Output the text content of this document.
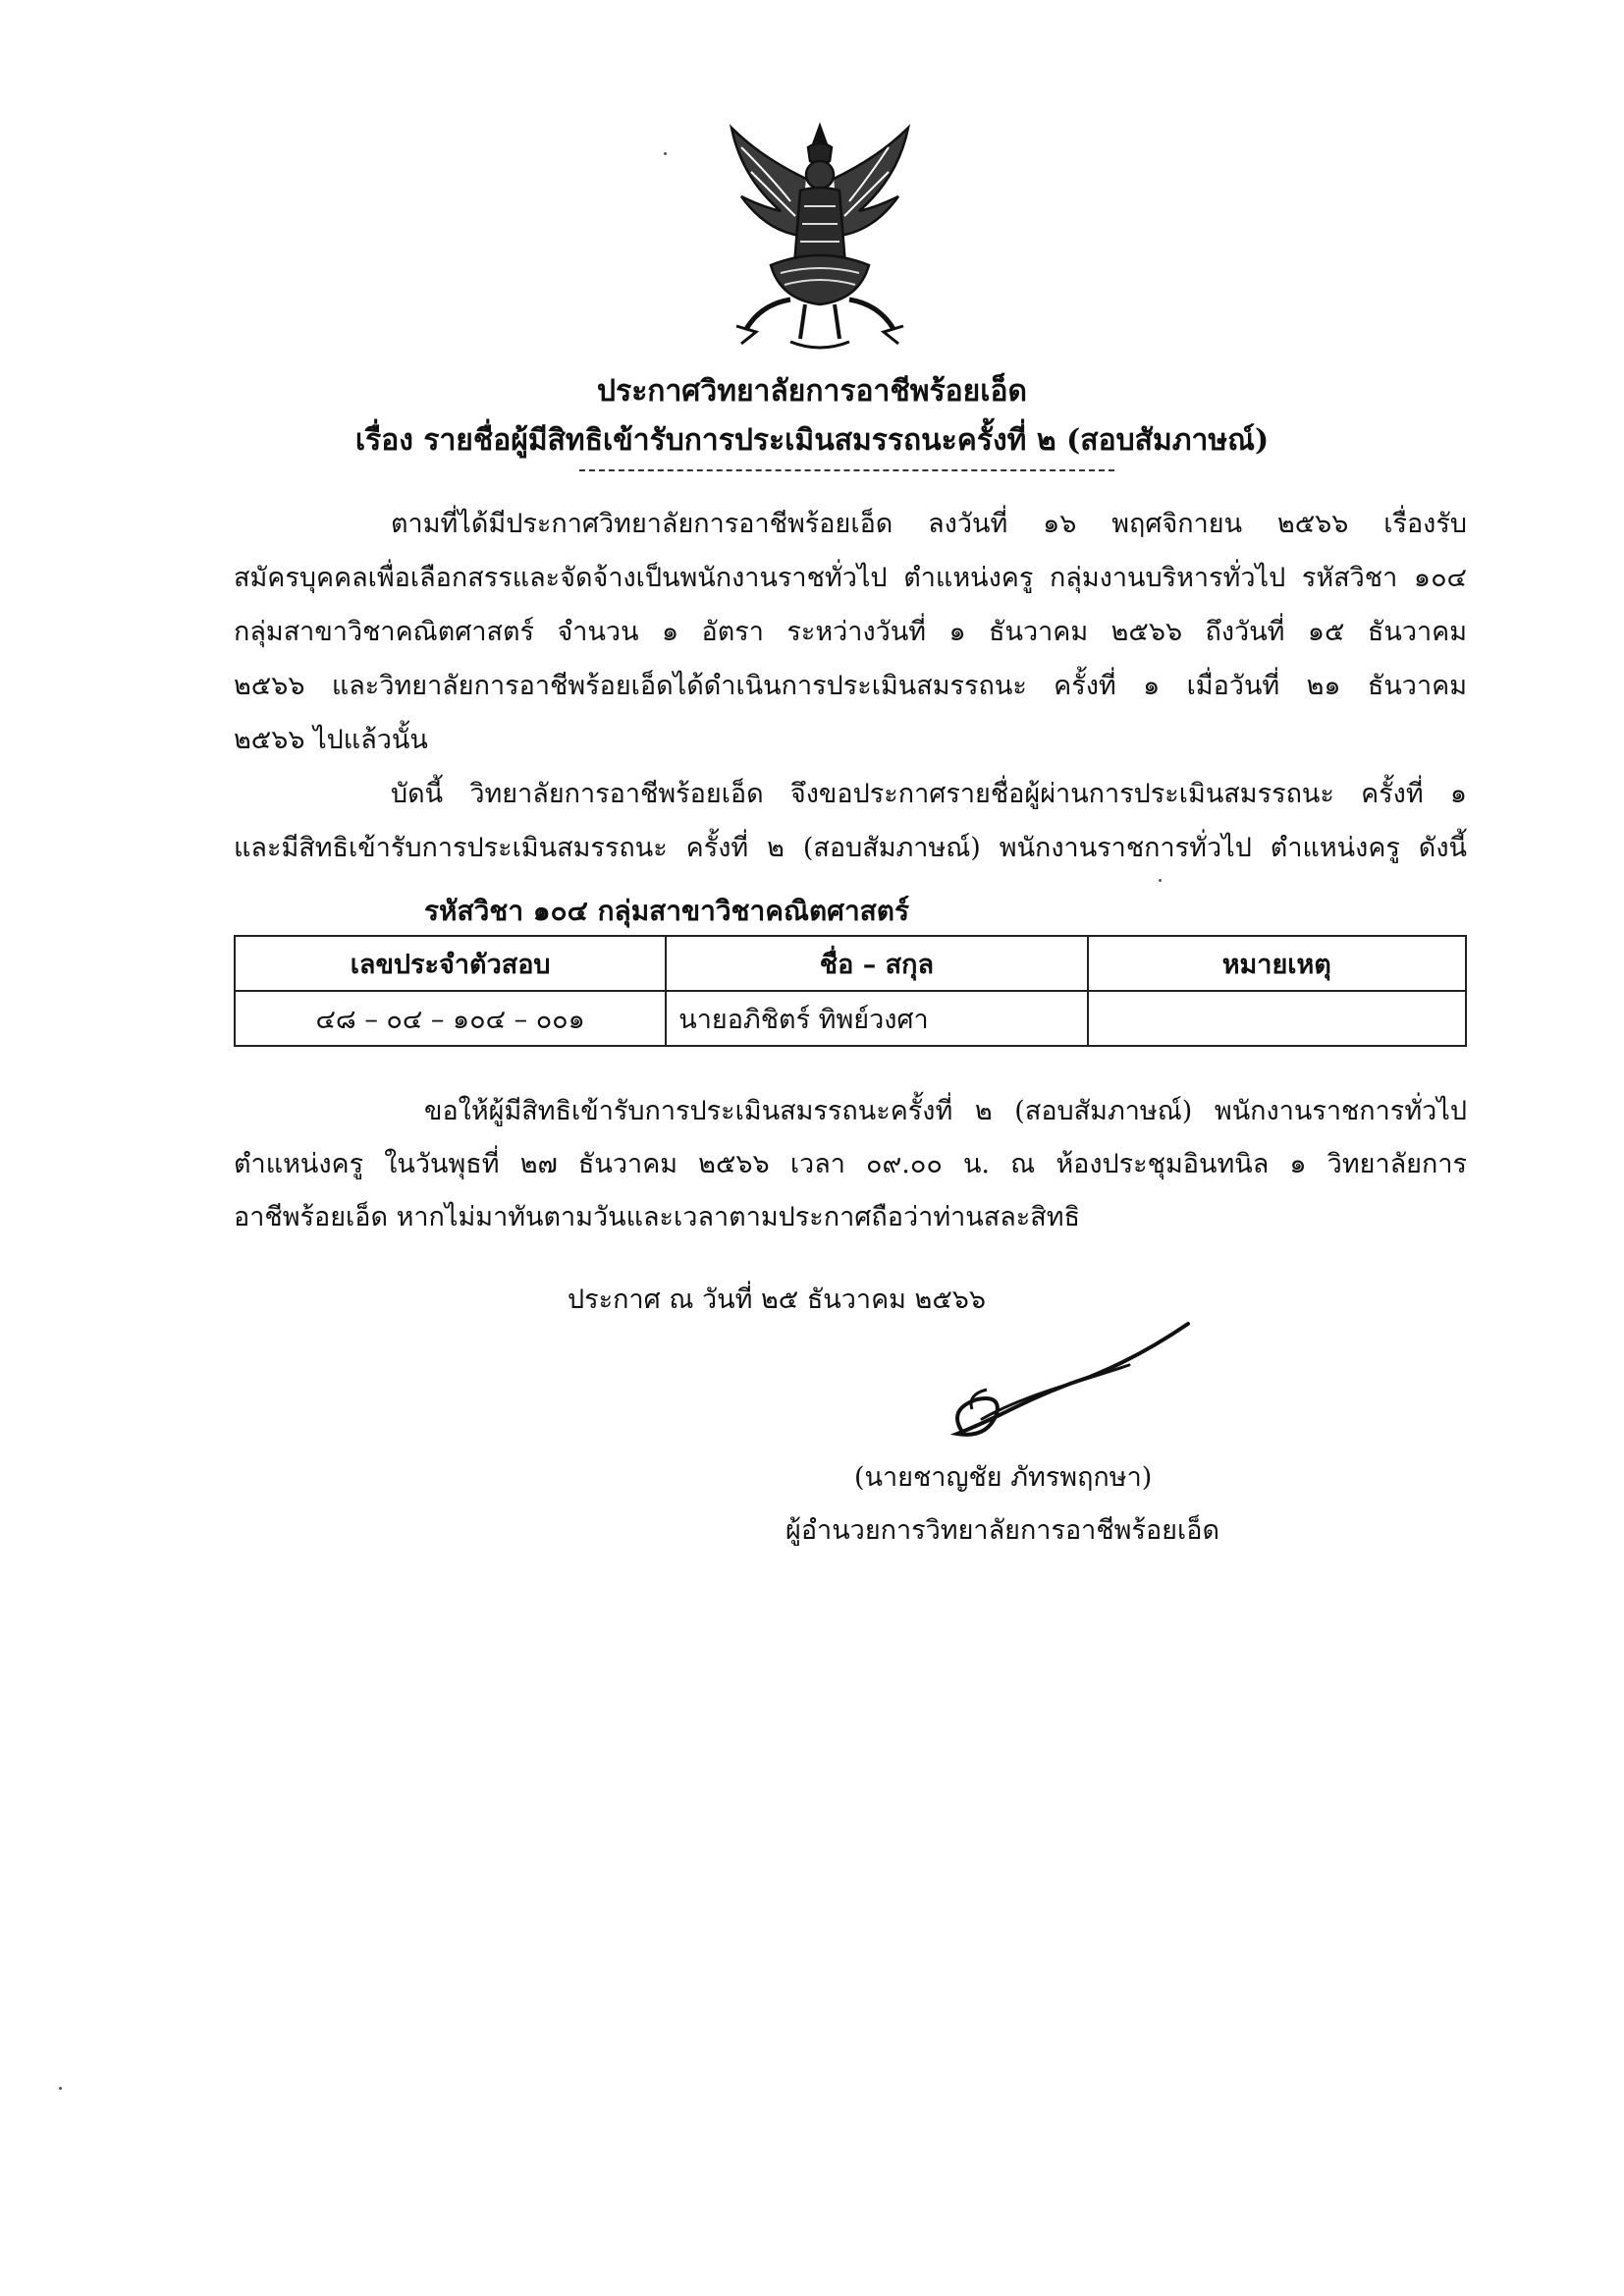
ประกาศวิทยาลัยการอาชีพร้อยเอ็ด
เรื่อง รายชื่อผู้มีสิทธิเข้ารับการประเมินสมรรถนะครั้งที่ ๒ (สอบสัมภาษณ์)
ตามที่ได้มีประกาศวิทยาลัยการอาชีพร้อยเอ็ด ลงวันที่ ๑๖ พฤศจิกายน ๒๕๖๖ เรื่องรับ
สมัครบุคคลเพื่อเลือกสรรและจัดจ้างเป็นพนักงานราชทั่วไป ตำแหน่งครู กลุ่มงานบริหารทั่วไป รหัสวิชา ๑๐๔
กลุ่มสาขาวิชาคณิตศาสตร์ จำนวน ๑ อัตรา ระหว่างวันที่ ๑ ธันวาคม ๒๕๖๖ ถึงวันที่ ๑๕ ธันวาคม
๒๕๖๖ และวิทยาลัยการอาชีพร้อยเอ็ดได้ดำเนินการประเมินสมรรถนะ ครั้งที่ ๑ เมื่อวันที่ ๒๑ ธันวาคม
๒๕๖๖ ไปแล้วนั้น
บัดนี้ วิทยาลัยการอาชีพร้อยเอ็ด จึงขอประกาศรายชื่อผู้ผ่านการประเมินสมรรถนะ ครั้งที่ ๑
และมีสิทธิเข้ารับการประเมินสมรรถนะ ครั้งที่ ๒ (สอบสัมภาษณ์) พนักงานราชการทั่วไป ตำแหน่งครู ดังนี้
รหัสวิชา ๑๐๔ กลุ่มสาขาวิชาคณิตศาสตร์
เลขประจำตัวสอบ	ชื่อ – สกุล	หมายเหตุ
๔๘ – ๐๔ – ๑๐๔ – ๐๐๑	นายอภิชิตร์ ทิพย์วงศา	
ขอให้ผู้มีสิทธิเข้ารับการประเมินสมรรถนะครั้งที่ ๒ (สอบสัมภาษณ์) พนักงานราชการทั่วไป
ตำแหน่งครู ในวันพุธที่ ๒๗ ธันวาคม ๒๕๖๖ เวลา ๐๙.๐๐ น. ณ ห้องประชุมอินทนิล ๑ วิทยาลัยการ
อาชีพร้อยเอ็ด หากไม่มาทันตามวันและเวลาตามประกาศถือว่าท่านสละสิทธิ
ประกาศ ณ วันที่ ๒๕ ธันวาคม ๒๕๖๖
(นายชาญชัย ภัทรพฤกษา)
ผู้อำนวยการวิทยาลัยการอาชีพร้อยเอ็ด
